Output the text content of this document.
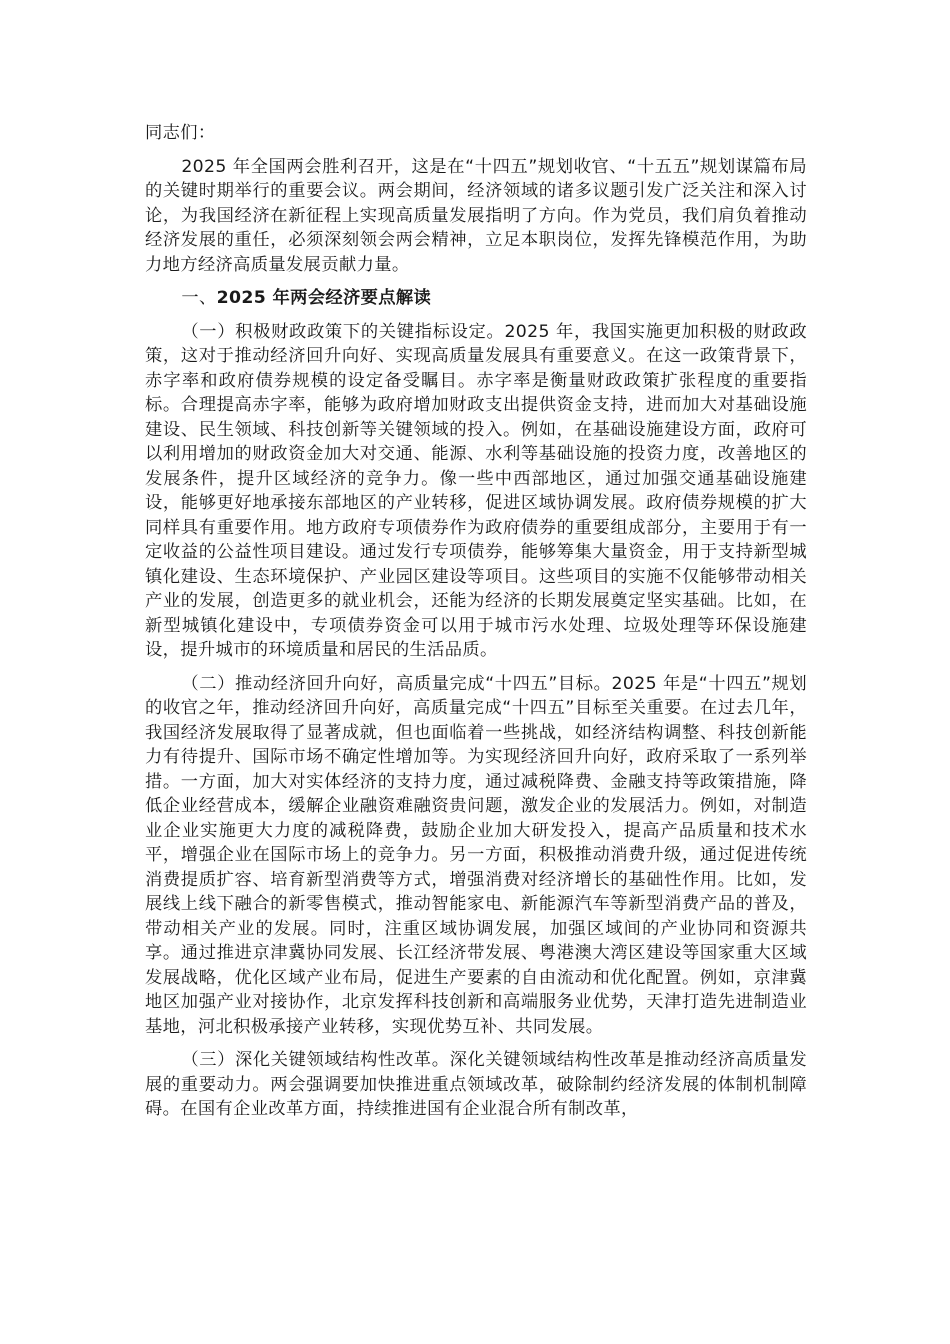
同志们：

2025 年全国两会胜利召开，这是在“十四五”规划收官、“十五五”规划谋篇布局的关键时期举行的重要会议。两会期间，经济领域的诸多议题引发广泛关注和深入讨论，为我国经济在新征程上实现高质量发展指明了方向。作为党员，我们肩负着推动经济发展的重任，必须深刻领会两会精神，立足本职岗位，发挥先锋模范作用，为助力地方经济高质量发展贡献力量。

一、2025 年两会经济要点解读

（一）积极财政政策下的关键指标设定。2025 年，我国实施更加积极的财政政策，这对于推动经济回升向好、实现高质量发展具有重要意义。在这一政策背景下，赤字率和政府债券规模的设定备受瞩目。赤字率是衡量财政政策扩张程度的重要指标。合理提高赤字率，能够为政府增加财政支出提供资金支持，进而加大对基础设施建设、民生领域、科技创新等关键领域的投入。例如，在基础设施建设方面，政府可以利用增加的财政资金加大对交通、能源、水利等基础设施的投资力度，改善地区的发展条件，提升区域经济的竞争力。像一些中西部地区，通过加强交通基础设施建设，能够更好地承接东部地区的产业转移，促进区域协调发展。政府债券规模的扩大同样具有重要作用。地方政府专项债券作为政府债券的重要组成部分，主要用于有一定收益的公益性项目建设。通过发行专项债券，能够筹集大量资金，用于支持新型城镇化建设、生态环境保护、产业园区建设等项目。这些项目的实施不仅能够带动相关产业的发展，创造更多的就业机会，还能为经济的长期发展奠定坚实基础。比如，在新型城镇化建设中，专项债券资金可以用于城市污水处理、垃圾处理等环保设施建设，提升城市的环境质量和居民的生活品质。

（二）推动经济回升向好，高质量完成“十四五”目标。2025 年是“十四五”规划的收官之年，推动经济回升向好，高质量完成“十四五”目标至关重要。在过去几年，我国经济发展取得了显著成就，但也面临着一些挑战，如经济结构调整、科技创新能力有待提升、国际市场不确定性增加等。为实现经济回升向好，政府采取了一系列举措。一方面，加大对实体经济的支持力度，通过减税降费、金融支持等政策措施，降低企业经营成本，缓解企业融资难融资贵问题，激发企业的发展活力。例如，对制造业企业实施更大力度的减税降费，鼓励企业加大研发投入，提高产品质量和技术水平，增强企业在国际市场上的竞争力。另一方面，积极推动消费升级，通过促进传统消费提质扩容、培育新型消费等方式，增强消费对经济增长的基础性作用。比如，发展线上线下融合的新零售模式，推动智能家电、新能源汽车等新型消费产品的普及，带动相关产业的发展。同时，注重区域协调发展，加强区域间的产业协同和资源共享。通过推进京津冀协同发展、长江经济带发展、粤港澳大湾区建设等国家重大区域发展战略，优化区域产业布局，促进生产要素的自由流动和优化配置。例如，京津冀地区加强产业对接协作，北京发挥科技创新和高端服务业优势，天津打造先进制造业基地，河北积极承接产业转移，实现优势互补、共同发展。

（三）深化关键领域结构性改革。深化关键领域结构性改革是推动经济高质量发展的重要动力。两会强调要加快推进重点领域改革，破除制约经济发展的体制机制障碍。在国有企业改革方面，持续推进国有企业混合所有制改革，
